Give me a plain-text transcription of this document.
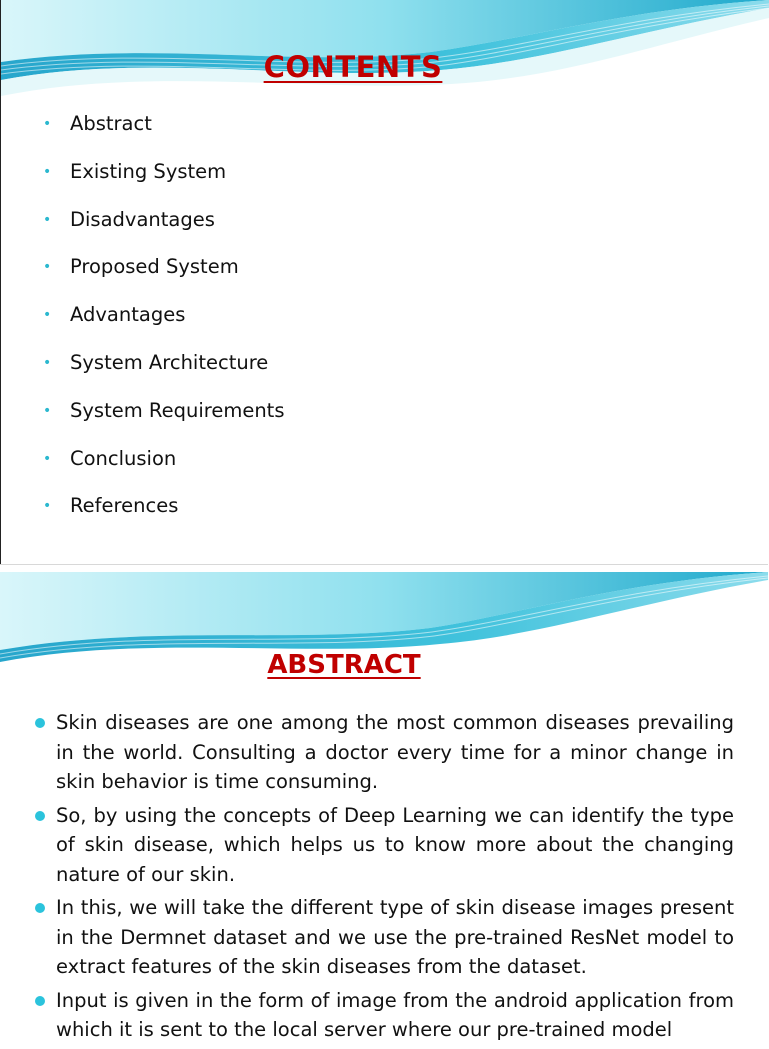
CONTENTS
• Abstract
• Existing System
• Disadvantages
• Proposed System
• Advantages
• System Architecture
• System Requirements
• Conclusion
• References
ABSTRACT
Skin diseases are one among the most common diseases prevailing in the world. Consulting a doctor every time for a minor change in skin behavior is time consuming.
So, by using the concepts of Deep Learning we can identify the type of skin disease, which helps us to know more about the changing nature of our skin.
In this, we will take the different type of skin disease images present in the Dermnet dataset and we use the pre-trained ResNet model to extract features of the skin diseases from the dataset.
Input is given in the form of image from the android application from which it is sent to the local server where our pre-trained model
